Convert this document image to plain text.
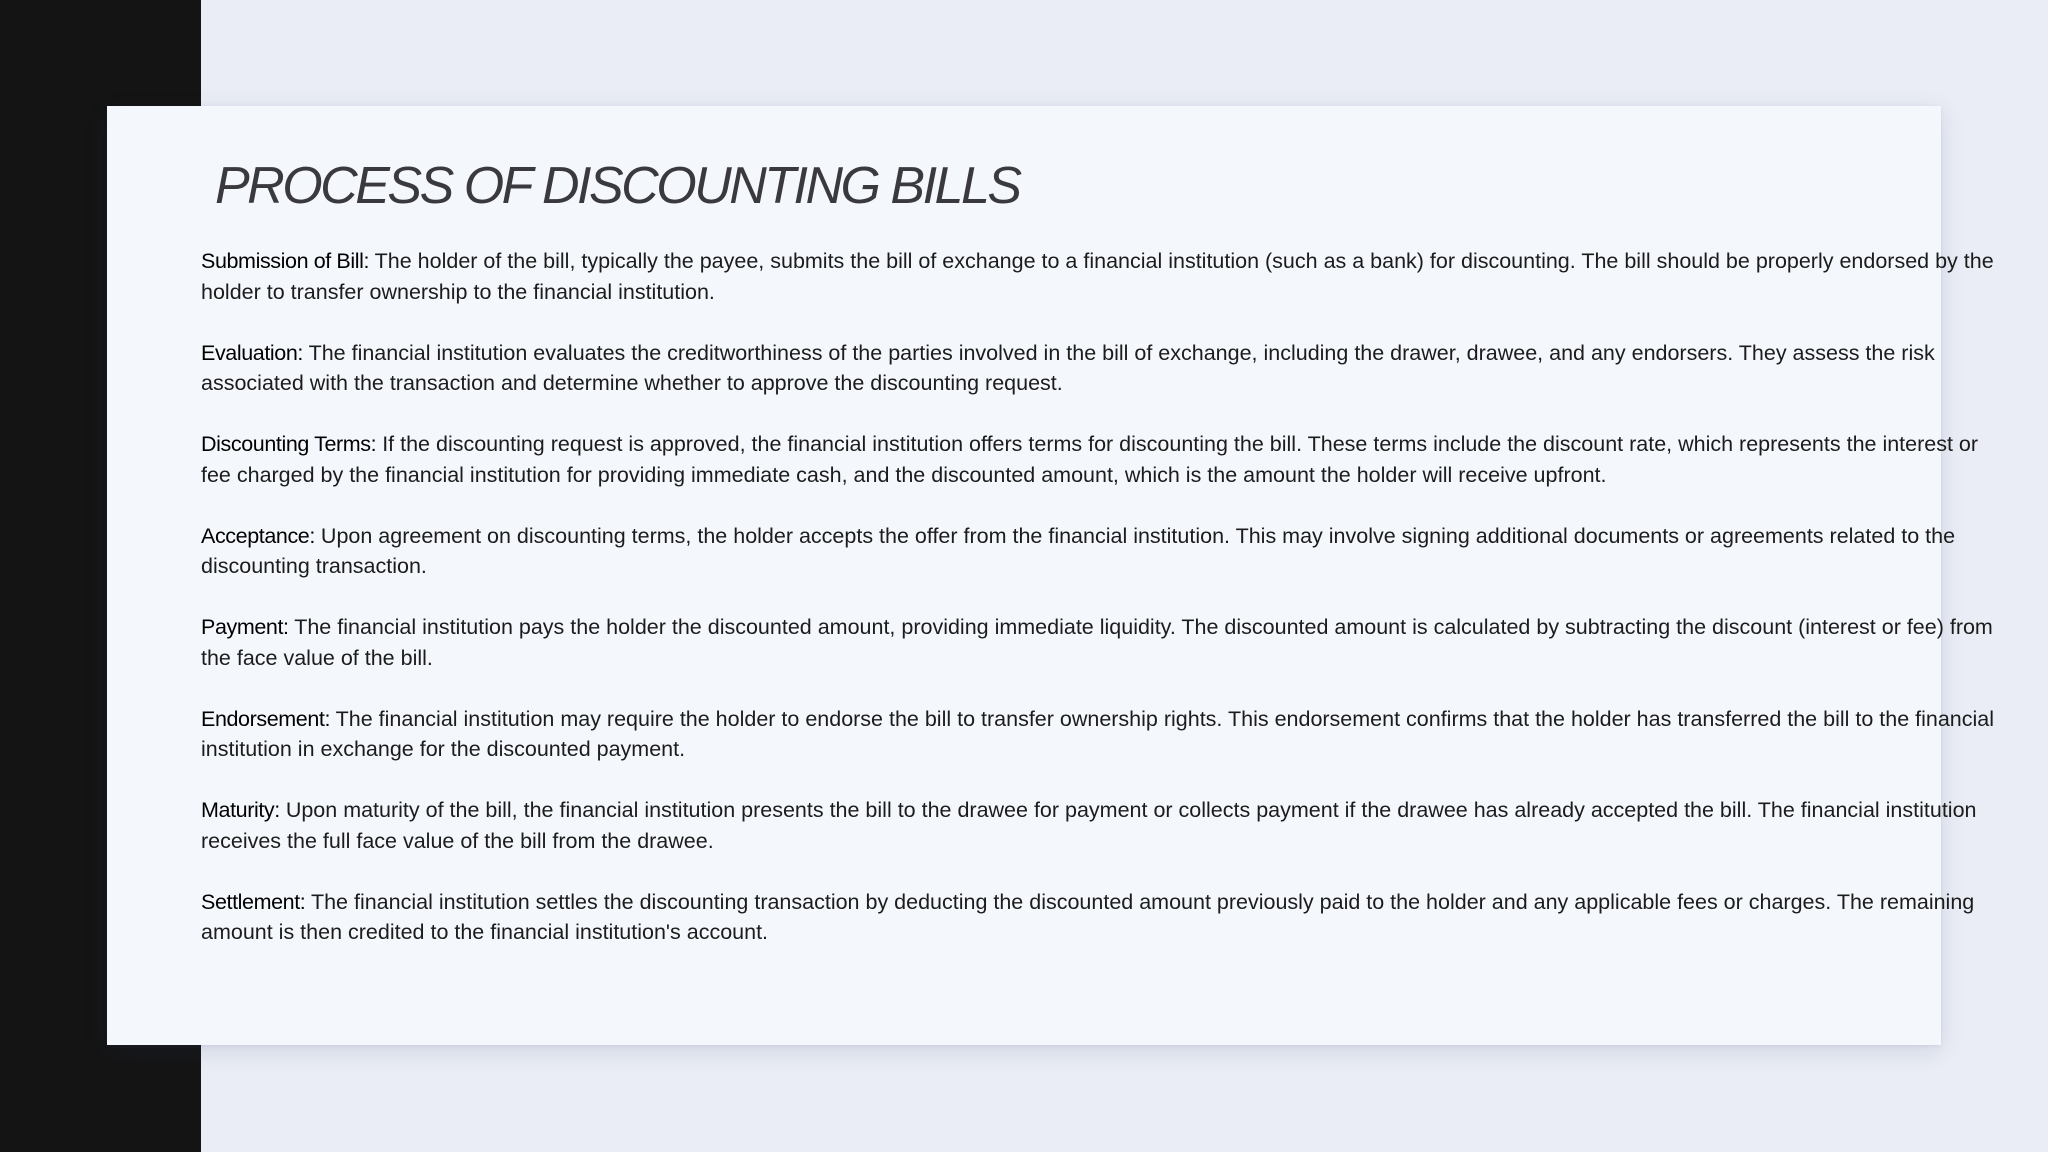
PROCESS OF DISCOUNTING BILLS

Submission of Bill: The holder of the bill, typically the payee, submits the bill of exchange to a financial institution (such as a bank) for discounting. The bill should be properly endorsed by the holder to transfer ownership to the financial institution.

Evaluation: The financial institution evaluates the creditworthiness of the parties involved in the bill of exchange, including the drawer, drawee, and any endorsers. They assess the risk associated with the transaction and determine whether to approve the discounting request.

Discounting Terms: If the discounting request is approved, the financial institution offers terms for discounting the bill. These terms include the discount rate, which represents the interest or fee charged by the financial institution for providing immediate cash, and the discounted amount, which is the amount the holder will receive upfront.

Acceptance: Upon agreement on discounting terms, the holder accepts the offer from the financial institution. This may involve signing additional documents or agreements related to the discounting transaction.

Payment: The financial institution pays the holder the discounted amount, providing immediate liquidity. The discounted amount is calculated by subtracting the discount (interest or fee) from the face value of the bill.

Endorsement: The financial institution may require the holder to endorse the bill to transfer ownership rights. This endorsement confirms that the holder has transferred the bill to the financial institution in exchange for the discounted payment.

Maturity: Upon maturity of the bill, the financial institution presents the bill to the drawee for payment or collects payment if the drawee has already accepted the bill. The financial institution receives the full face value of the bill from the drawee.

Settlement: The financial institution settles the discounting transaction by deducting the discounted amount previously paid to the holder and any applicable fees or charges. The remaining amount is then credited to the financial institution's account.
